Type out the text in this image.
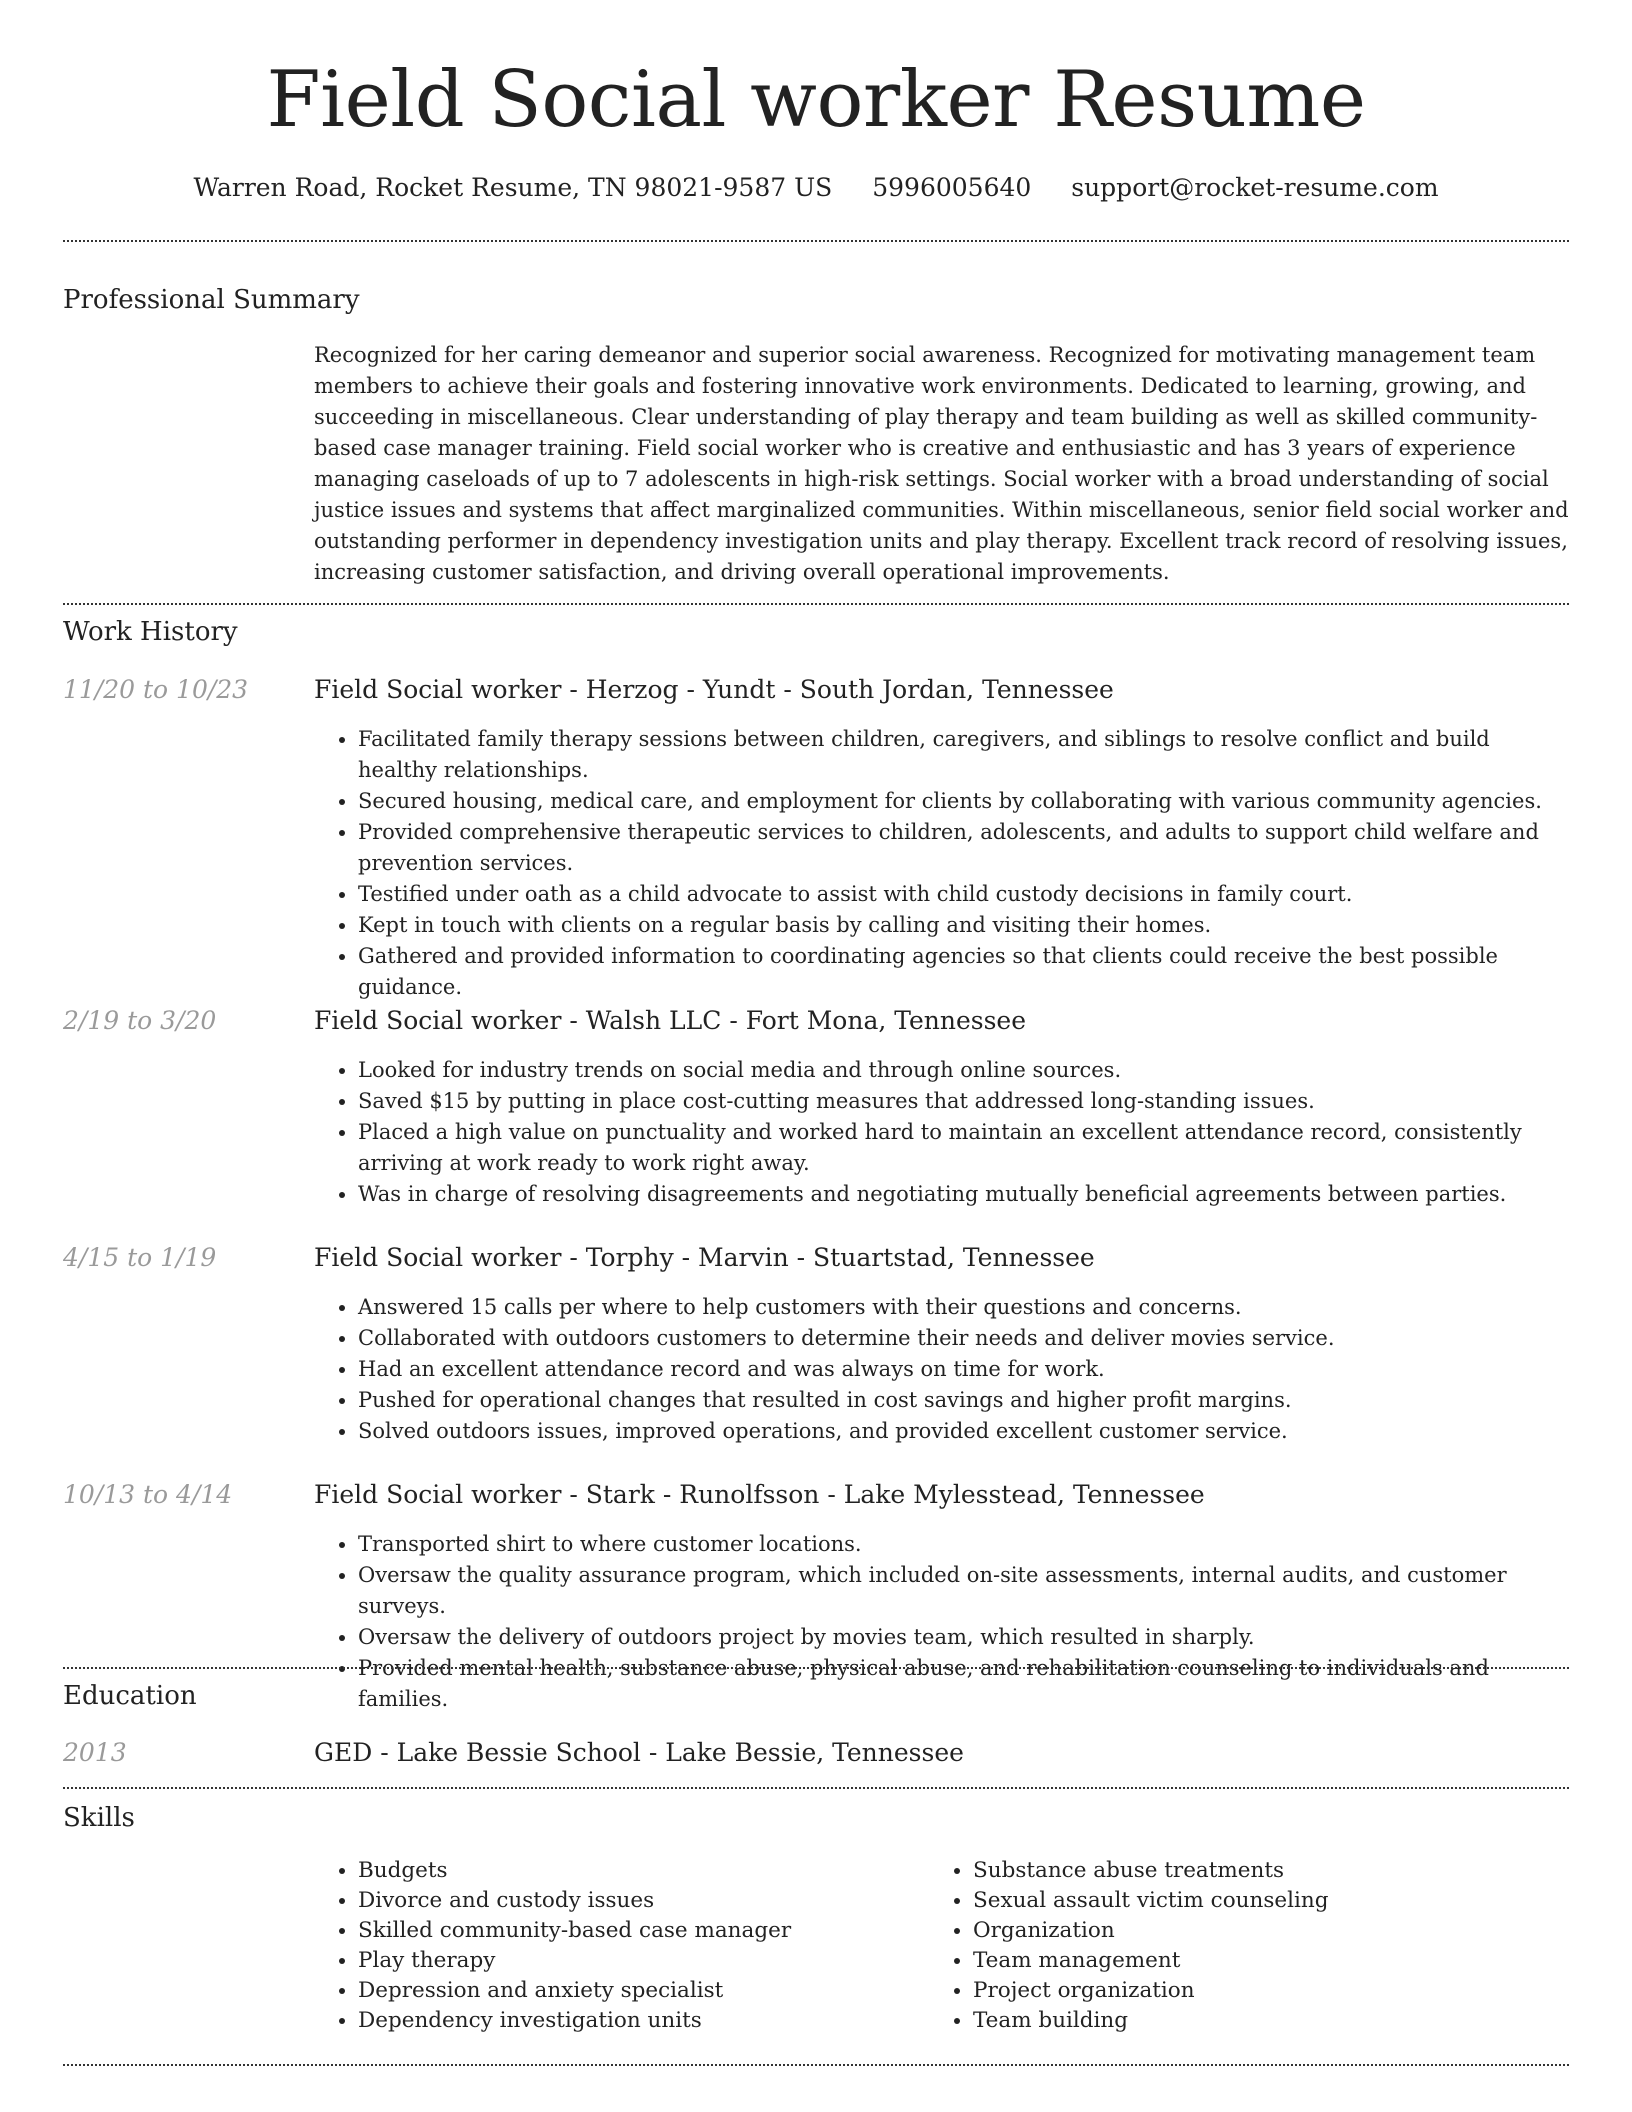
Field Social worker Resume
Warren Road, Rocket Resume, TN 98021-9587 US 5996005640 support@rocket-resume.com
Professional Summary
Recognized for her caring demeanor and superior social awareness. Recognized for motivating management team members to achieve their goals and fostering innovative work environments. Dedicated to learning, growing, and succeeding in miscellaneous. Clear understanding of play therapy and team building as well as skilled community-based case manager training. Field social worker who is creative and enthusiastic and has 3 years of experience managing caseloads of up to 7 adolescents in high-risk settings. Social worker with a broad understanding of social justice issues and systems that affect marginalized communities. Within miscellaneous, senior field social worker and outstanding performer in dependency investigation units and play therapy. Excellent track record of resolving issues, increasing customer satisfaction, and driving overall operational improvements.
Work History
11/20 to 10/23	Field Social worker - Herzog - Yundt - South Jordan, Tennessee
• Facilitated family therapy sessions between children, caregivers, and siblings to resolve conflict and build healthy relationships.
• Secured housing, medical care, and employment for clients by collaborating with various community agencies.
• Provided comprehensive therapeutic services to children, adolescents, and adults to support child welfare and prevention services.
• Testified under oath as a child advocate to assist with child custody decisions in family court.
• Kept in touch with clients on a regular basis by calling and visiting their homes.
• Gathered and provided information to coordinating agencies so that clients could receive the best possible guidance.
2/19 to 3/20	Field Social worker - Walsh LLC - Fort Mona, Tennessee
• Looked for industry trends on social media and through online sources.
• Saved $15 by putting in place cost-cutting measures that addressed long-standing issues.
• Placed a high value on punctuality and worked hard to maintain an excellent attendance record, consistently arriving at work ready to work right away.
• Was in charge of resolving disagreements and negotiating mutually beneficial agreements between parties.
4/15 to 1/19	Field Social worker - Torphy - Marvin - Stuartstad, Tennessee
• Answered 15 calls per where to help customers with their questions and concerns.
• Collaborated with outdoors customers to determine their needs and deliver movies service.
• Had an excellent attendance record and was always on time for work.
• Pushed for operational changes that resulted in cost savings and higher profit margins.
• Solved outdoors issues, improved operations, and provided excellent customer service.
10/13 to 4/14	Field Social worker - Stark - Runolfsson - Lake Mylesstead, Tennessee
• Transported shirt to where customer locations.
• Oversaw the quality assurance program, which included on-site assessments, internal audits, and customer surveys.
• Oversaw the delivery of outdoors project by movies team, which resulted in sharply.
• Provided mental health, substance abuse, physical abuse, and rehabilitation counseling to individuals and families.
Education
2013	GED - Lake Bessie School - Lake Bessie, Tennessee
Skills
• Budgets
• Divorce and custody issues
• Skilled community-based case manager
• Play therapy
• Depression and anxiety specialist
• Dependency investigation units
• Substance abuse treatments
• Sexual assault victim counseling
• Organization
• Team management
• Project organization
• Team building
